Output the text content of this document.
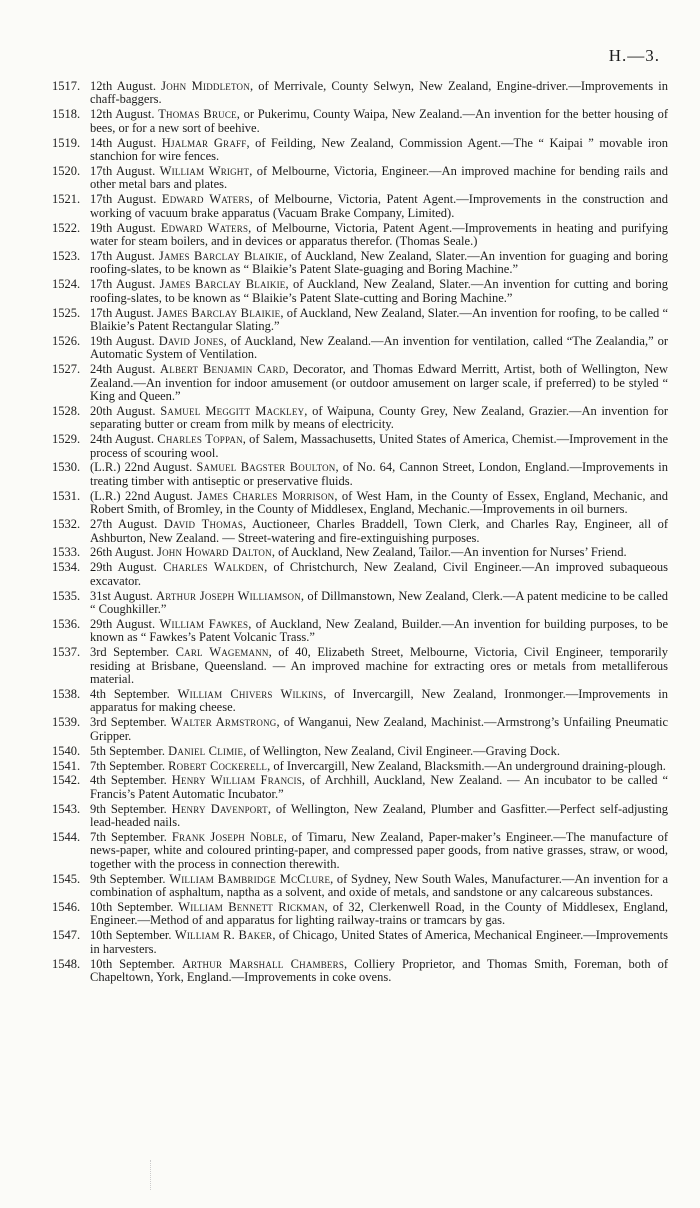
H.—3.
1517. 12th August. John Middleton, of Merrivale, County Selwyn, New Zealand, Engine-driver.—Improvements in chaff-baggers.
1518. 12th August. Thomas Bruce, or Pukerimu, County Waipa, New Zealand.—An invention for the better housing of bees, or for a new sort of beehive.
1519. 14th August. Hjalmar Graff, of Feilding, New Zealand, Commission Agent.—The “ Kaipai ” movable iron stanchion for wire fences.
1520. 17th August. William Wright, of Melbourne, Victoria, Engineer.—An improved machine for bending rails and other metal bars and plates.
1521. 17th August. Edward Waters, of Melbourne, Victoria, Patent Agent.—Improvements in the construction and working of vacuum brake apparatus (Vacuam Brake Company, Limited).
1522. 19th August. Edward Waters, of Melbourne, Victoria, Patent Agent.—Improvements in heating and purifying water for steam boilers, and in devices or apparatus therefor. (Thomas Seale.)
1523. 17th August. James Barclay Blaikie, of Auckland, New Zealand, Slater.—An invention for guaging and boring roofing-slates, to be known as “ Blaikie’s Patent Slate-guaging and Boring Machine.”
1524. 17th August. James Barclay Blaikie, of Auckland, New Zealand, Slater.—An invention for cutting and boring roofing-slates, to be known as “ Blaikie’s Patent Slate-cutting and Boring Machine.”
1525. 17th August. James Barclay Blaikie, of Auckland, New Zealand, Slater.—An invention for roofing, to be called “ Blaikie’s Patent Rectangular Slating.”
1526. 19th August. David Jones, of Auckland, New Zealand.—An invention for ventilation, called “The Zealandia,” or Automatic System of Ventilation.
1527. 24th August. Albert Benjamin Card, Decorator, and Thomas Edward Merritt, Artist, both of Wellington, New Zealand.—An invention for indoor amusement (or outdoor amusement on larger scale, if preferred) to be styled “ King and Queen.”
1528. 20th August. Samuel Meggitt Mackley, of Waipuna, County Grey, New Zealand, Grazier.—An invention for separating butter or cream from milk by means of electricity.
1529. 24th August. Charles Toppan, of Salem, Massachusetts, United States of America, Chemist.—Improvement in the process of scouring wool.
1530. (L.R.) 22nd August. Samuel Bagster Boulton, of No. 64, Cannon Street, London, England.—Improvements in treating timber with antiseptic or preservative fluids.
1531. (L.R.) 22nd August. James Charles Morrison, of West Ham, in the County of Essex, England, Mechanic, and Robert Smith, of Bromley, in the County of Middlesex, England, Mechanic.—Improvements in oil burners.
1532. 27th August. David Thomas, Auctioneer, Charles Braddell, Town Clerk, and Charles Ray, Engineer, all of Ashburton, New Zealand. — Street-watering and fire-extinguishing purposes.
1533. 26th August. John Howard Dalton, of Auckland, New Zealand, Tailor.—An invention for Nurses’ Friend.
1534. 29th August. Charles Walkden, of Christchurch, New Zealand, Civil Engineer.—An improved subaqueous excavator.
1535. 31st August. Arthur Joseph Williamson, of Dillmanstown, New Zealand, Clerk.—A patent medicine to be called “ Coughkiller.”
1536. 29th August. William Fawkes, of Auckland, New Zealand, Builder.—An invention for building purposes, to be known as “ Fawkes’s Patent Volcanic Trass.”
1537. 3rd September. Carl Wagemann, of 40, Elizabeth Street, Melbourne, Victoria, Civil Engineer, temporarily residing at Brisbane, Queensland. — An improved machine for extracting ores or metals from metalliferous material.
1538. 4th September. William Chivers Wilkins, of Invercargill, New Zealand, Ironmonger.—Improvements in apparatus for making cheese.
1539. 3rd September. Walter Armstrong, of Wanganui, New Zealand, Machinist.—Armstrong’s Unfailing Pneumatic Gripper.
1540. 5th September. Daniel Climie, of Wellington, New Zealand, Civil Engineer.—Graving Dock.
1541. 7th September. Robert Cockerell, of Invercargill, New Zealand, Blacksmith.—An underground draining-plough.
1542. 4th September. Henry William Francis, of Archhill, Auckland, New Zealand. — An incubator to be called “ Francis’s Patent Automatic Incubator.”
1543. 9th September. Henry Davenport, of Wellington, New Zealand, Plumber and Gasfitter.—Perfect self-adjusting lead-headed nails.
1544. 7th September. Frank Joseph Noble, of Timaru, New Zealand, Paper-maker’s Engineer.—The manufacture of news-paper, white and coloured printing-paper, and compressed paper goods, from native grasses, straw, or wood, together with the process in connection therewith.
1545. 9th September. William Bambridge McClure, of Sydney, New South Wales, Manufacturer.—An invention for a combination of asphaltum, naptha as a solvent, and oxide of metals, and sandstone or any calcareous substances.
1546. 10th September. William Bennett Rickman, of 32, Clerkenwell Road, in the County of Middlesex, England, Engineer.—Method of and apparatus for lighting railway-trains or tramcars by gas.
1547. 10th September. William R. Baker, of Chicago, United States of America, Mechanical Engineer.—Improvements in harvesters.
1548. 10th September. Arthur Marshall Chambers, Colliery Proprietor, and Thomas Smith, Foreman, both of Chapeltown, York, England.—Improvements in coke ovens.
